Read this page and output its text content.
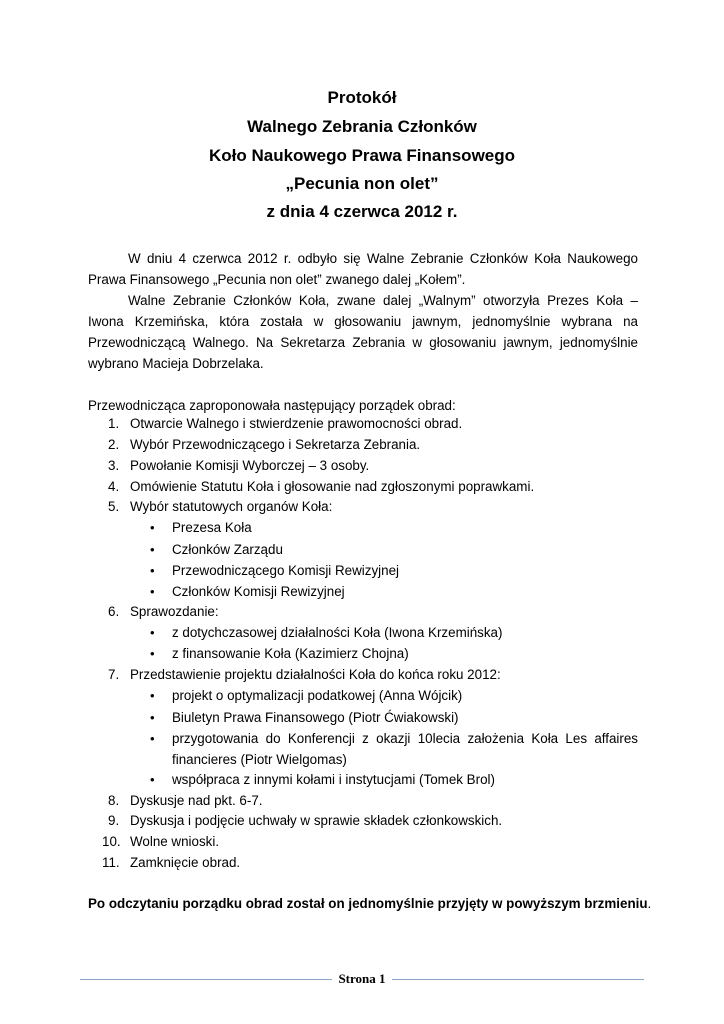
Protokół
Walnego Zebrania Członków
Koło Naukowego Prawa Finansowego
„Pecunia non olet”
z dnia 4 czerwca 2012 r.
W dniu 4 czerwca 2012 r. odbyło się Walne Zebranie Członków Koła Naukowego
Prawa Finansowego „Pecunia non olet” zwanego dalej „Kołem”.
Walne Zebranie Członków Koła, zwane dalej „Walnym” otworzyła Prezes Koła –
Iwona Krzemińska, która została w głosowaniu jawnym, jednomyślnie wybrana na
Przewodniczącą Walnego. Na Sekretarza Zebrania w głosowaniu jawnym, jednomyślnie
wybrano Macieja Dobrzelaka.
Przewodnicząca zaproponowała następujący porządek obrad:
1. Otwarcie Walnego i stwierdzenie prawomocności obrad.
2. Wybór Przewodniczącego i Sekretarza Zebrania.
3. Powołanie Komisji Wyborczej – 3 osoby.
4. Omówienie Statutu Koła i głosowanie nad zgłoszonymi poprawkami.
5. Wybór statutowych organów Koła:
• Prezesa Koła
• Członków Zarządu
• Przewodniczącego Komisji Rewizyjnej
• Członków Komisji Rewizyjnej
6. Sprawozdanie:
• z dotychczasowej działalności Koła (Iwona Krzemińska)
• z finansowanie Koła (Kazimierz Chojna)
7. Przedstawienie projektu działalności Koła do końca roku 2012:
• projekt o optymalizacji podatkowej (Anna Wójcik)
• Biuletyn Prawa Finansowego (Piotr Ćwiakowski)
• przygotowania do Konferencji z okazji 10lecia założenia Koła Les affaires financieres (Piotr Wielgomas)
• współpraca z innymi kołami i instytucjami (Tomek Brol)
8. Dyskusje nad pkt. 6-7.
9. Dyskusja i podjęcie uchwały w sprawie składek członkowskich.
10. Wolne wnioski.
11. Zamknięcie obrad.
Po odczytaniu porządku obrad został on jednomyślnie przyjęty w powyższym brzmieniu.
Strona 1
